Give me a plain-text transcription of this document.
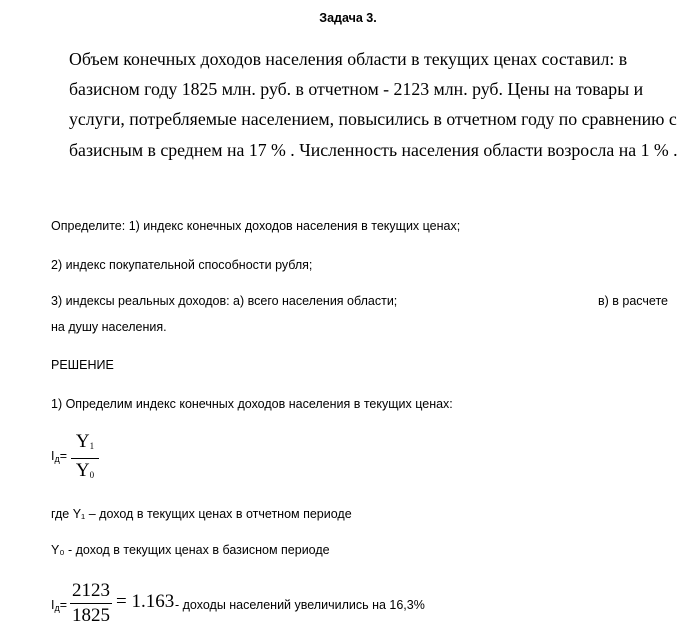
Задача 3.
Объем конечных доходов населения области в текущих ценах составил: в базисном году 1825 млн. руб. в отчетном - 2123 млн. руб. Цены на товары и услуги, потребляемые населением, повысились в отчетном году по сравнению с базисным в среднем на 17 % . Численность населения области возросла на 1 % .
Определите: 1) индекс конечных доходов населения в текущих ценах;
2) индекс покупательной способности рубля;
3) индексы реальных доходов: а) всего населения области;	в) в расчете
на душу населения.
РЕШЕНИЕ
1) Определим индекс конечных доходов населения в текущих ценах:
$I_д=$
$Y_1$
$Y_0$
где Y₁ – доход в текущих ценах в отчетном периоде
Y₀ - доход в текущих ценах в базисном периоде
$I_д=$
2123
1825
= 1.163 - доходы населений увеличились на 16,3%
